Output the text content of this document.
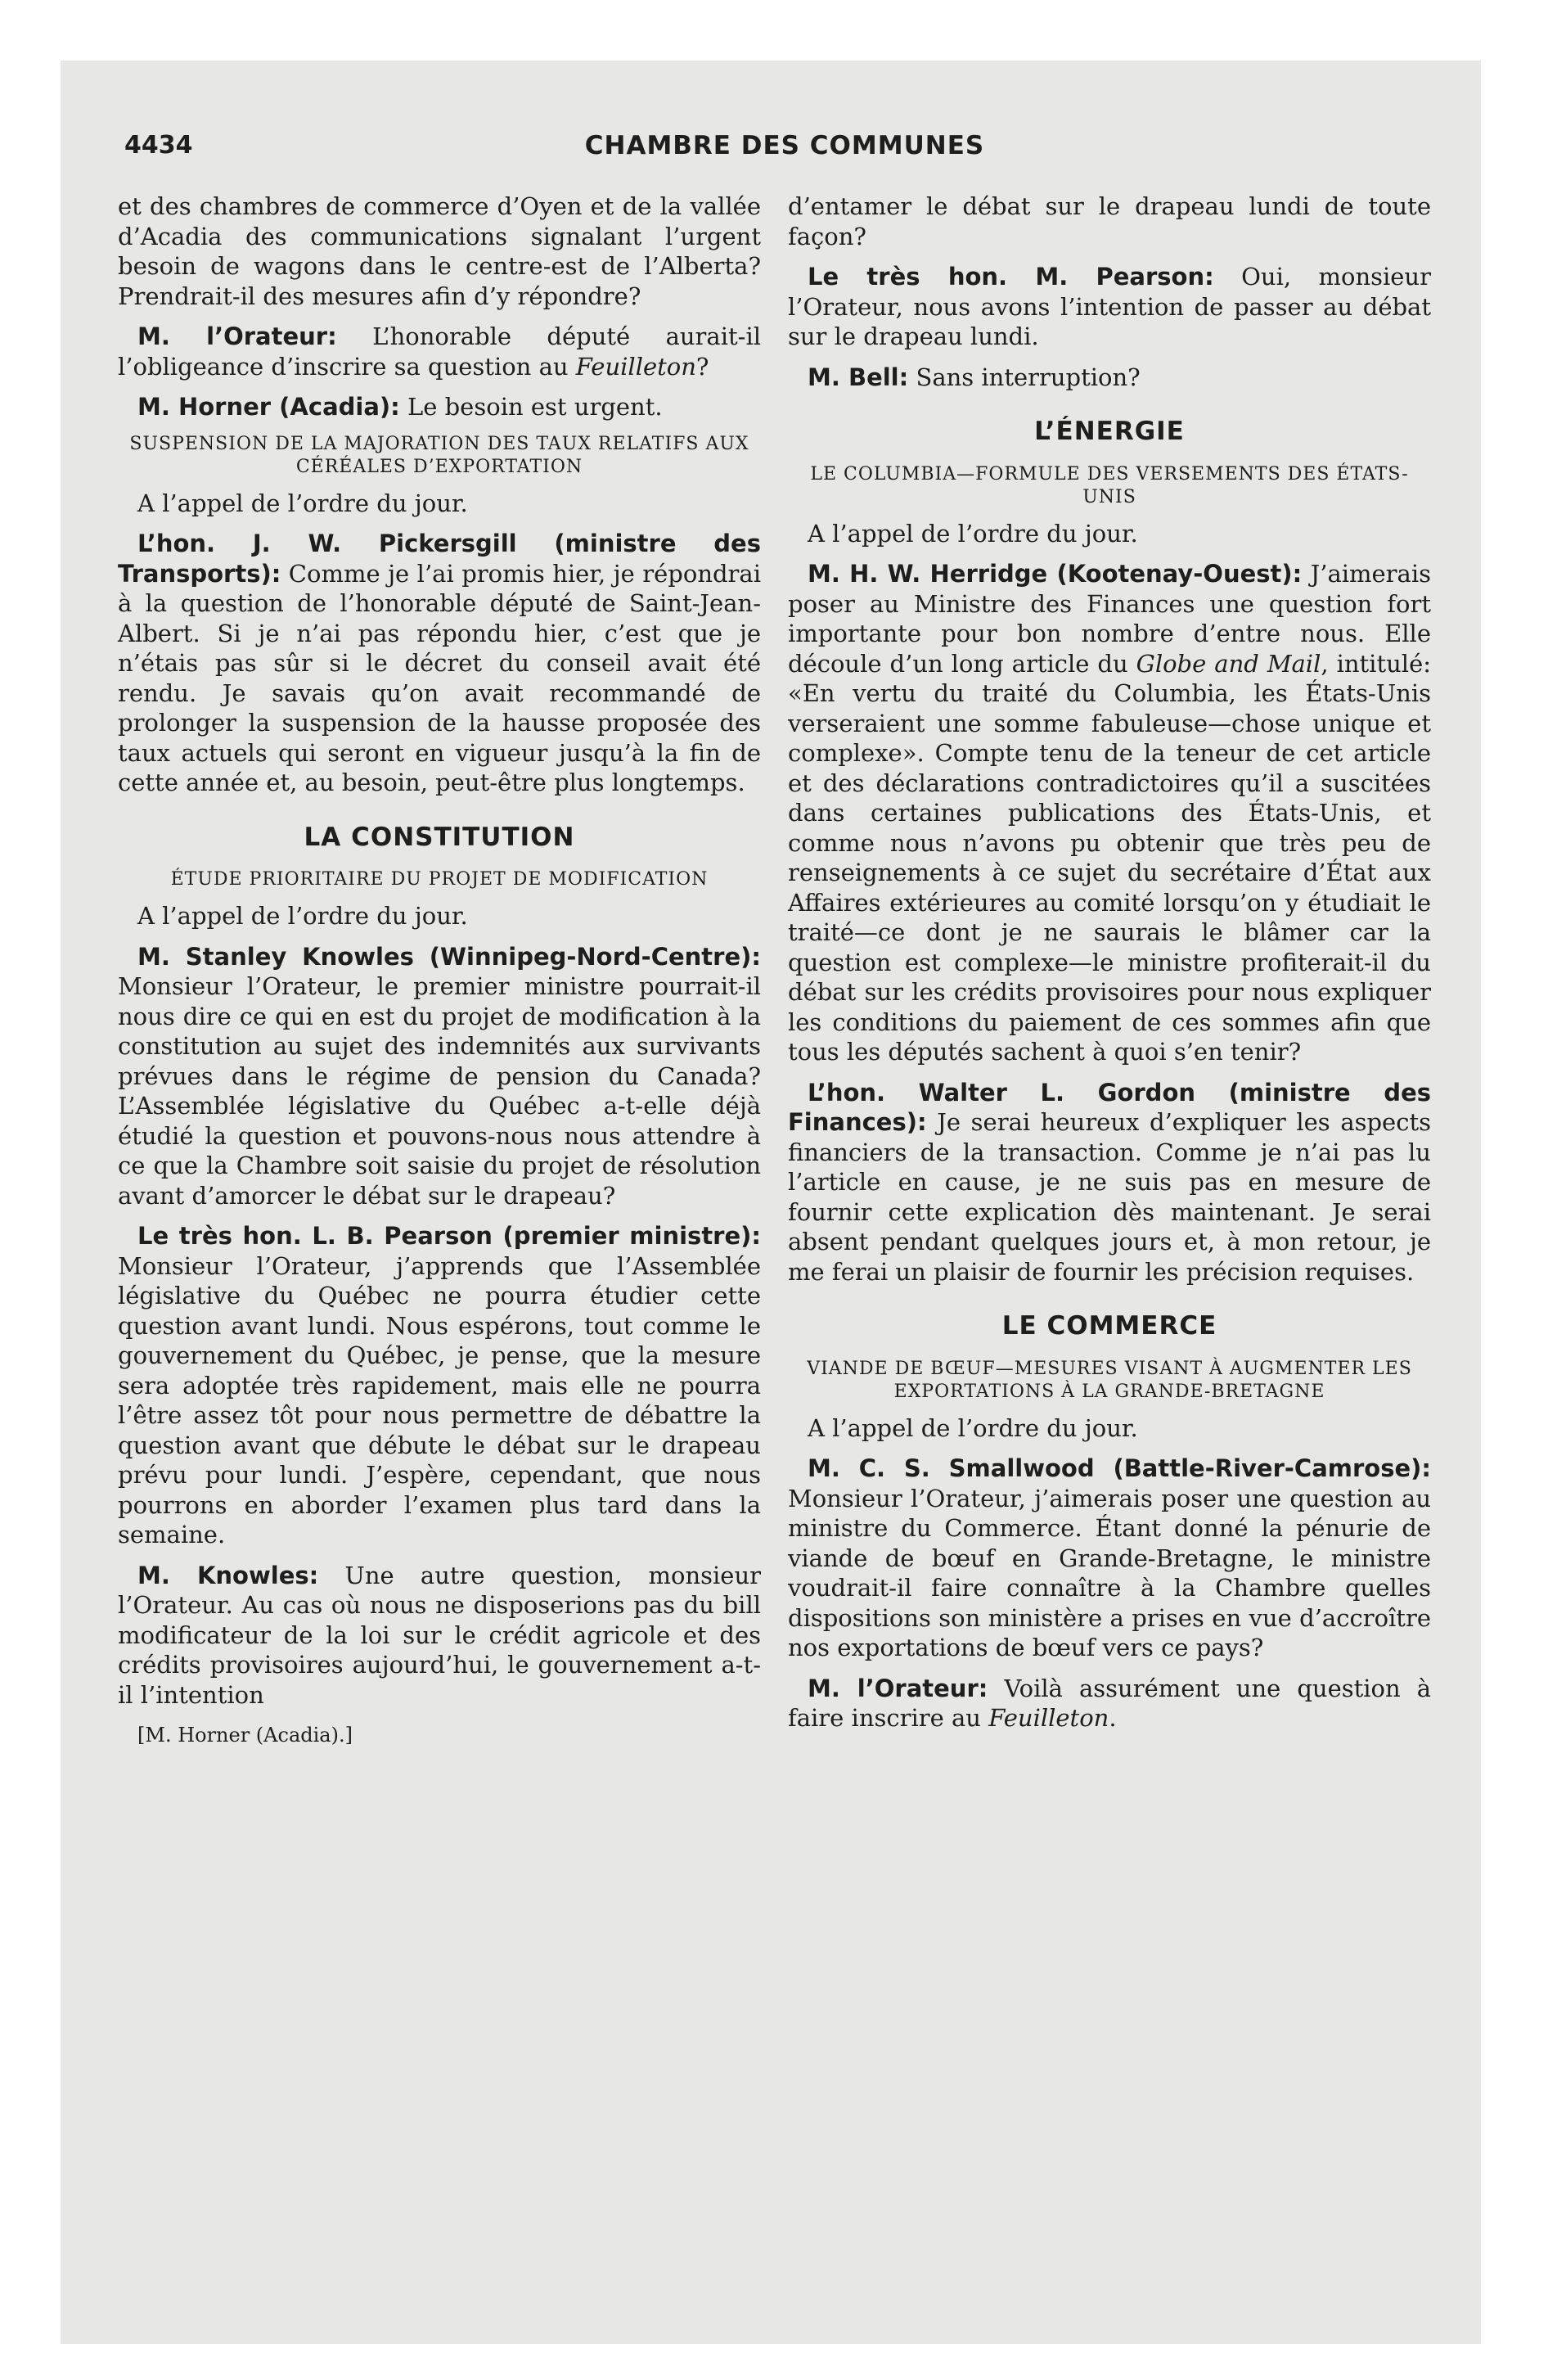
4434	CHAMBRE DES COMMUNES

et des chambres de commerce d’Oyen et de la vallée d’Acadia des communications signalant l’urgent besoin de wagons dans le centre-est de l’Alberta? Prendrait-il des mesures afin d’y répondre?

M. l’Orateur: L’honorable député aurait-il l’obligeance d’inscrire sa question au Feuilleton?

M. Horner (Acadia): Le besoin est urgent.

SUSPENSION DE LA MAJORATION DES TAUX RELATIFS AUX CÉRÉALES D’EXPORTATION

A l’appel de l’ordre du jour.

L’hon. J. W. Pickersgill (ministre des Transports): Comme je l’ai promis hier, je répondrai à la question de l’honorable député de Saint-Jean-Albert. Si je n’ai pas répondu hier, c’est que je n’étais pas sûr si le décret du conseil avait été rendu. Je savais qu’on avait recommandé de prolonger la suspension de la hausse proposée des taux actuels qui seront en vigueur jusqu’à la fin de cette année et, au besoin, peut-être plus longtemps.

LA CONSTITUTION
ÉTUDE PRIORITAIRE DU PROJET DE MODIFICATION

A l’appel de l’ordre du jour.

M. Stanley Knowles (Winnipeg-Nord-Centre): Monsieur l’Orateur, le premier ministre pourrait-il nous dire ce qui en est du projet de modification à la constitution au sujet des indemnités aux survivants prévues dans le régime de pension du Canada? L’Assemblée législative du Québec a-t-elle déjà étudié la question et pouvons-nous nous attendre à ce que la Chambre soit saisie du projet de résolution avant d’amorcer le débat sur le drapeau?

Le très hon. L. B. Pearson (premier ministre): Monsieur l’Orateur, j’apprends que l’Assemblée législative du Québec ne pourra étudier cette question avant lundi. Nous espérons, tout comme le gouvernement du Québec, je pense, que la mesure sera adoptée très rapidement, mais elle ne pourra l’être assez tôt pour nous permettre de débattre la question avant que débute le débat sur le drapeau prévu pour lundi. J’espère, cependant, que nous pourrons en aborder l’examen plus tard dans la semaine.

M. Knowles: Une autre question, monsieur l’Orateur. Au cas où nous ne disposerions pas du bill modificateur de la loi sur le crédit agricole et des crédits provisoires aujourd’hui, le gouvernement a-t-il l’intention

[M. Horner (Acadia).]

d’entamer le débat sur le drapeau lundi de toute façon?

Le très hon. M. Pearson: Oui, monsieur l’Orateur, nous avons l’intention de passer au débat sur le drapeau lundi.

M. Bell: Sans interruption?

L’ÉNERGIE
LE COLUMBIA—FORMULE DES VERSEMENTS DES ÉTATS-UNIS

A l’appel de l’ordre du jour.

M. H. W. Herridge (Kootenay-Ouest): J’aimerais poser au Ministre des Finances une question fort importante pour bon nombre d’entre nous. Elle découle d’un long article du Globe and Mail, intitulé: «En vertu du traité du Columbia, les États-Unis verseraient une somme fabuleuse—chose unique et complexe». Compte tenu de la teneur de cet article et des déclarations contradictoires qu’il a suscitées dans certaines publications des États-Unis, et comme nous n’avons pu obtenir que très peu de renseignements à ce sujet du secrétaire d’État aux Affaires extérieures au comité lorsqu’on y étudiait le traité—ce dont je ne saurais le blâmer car la question est complexe—le ministre profiterait-il du débat sur les crédits provisoires pour nous expliquer les conditions du paiement de ces sommes afin que tous les députés sachent à quoi s’en tenir?

L’hon. Walter L. Gordon (ministre des Finances): Je serai heureux d’expliquer les aspects financiers de la transaction. Comme je n’ai pas lu l’article en cause, je ne suis pas en mesure de fournir cette explication dès maintenant. Je serai absent pendant quelques jours et, à mon retour, je me ferai un plaisir de fournir les précision requises.

LE COMMERCE
VIANDE DE BŒUF—MESURES VISANT À AUGMENTER LES EXPORTATIONS À LA GRANDE-BRETAGNE

A l’appel de l’ordre du jour.

M. C. S. Smallwood (Battle-River-Camrose): Monsieur l’Orateur, j’aimerais poser une question au ministre du Commerce. Étant donné la pénurie de viande de bœuf en Grande-Bretagne, le ministre voudrait-il faire connaître à la Chambre quelles dispositions son ministère a prises en vue d’accroître nos exportations de bœuf vers ce pays?

M. l’Orateur: Voilà assurément une question à faire inscrire au Feuilleton.
